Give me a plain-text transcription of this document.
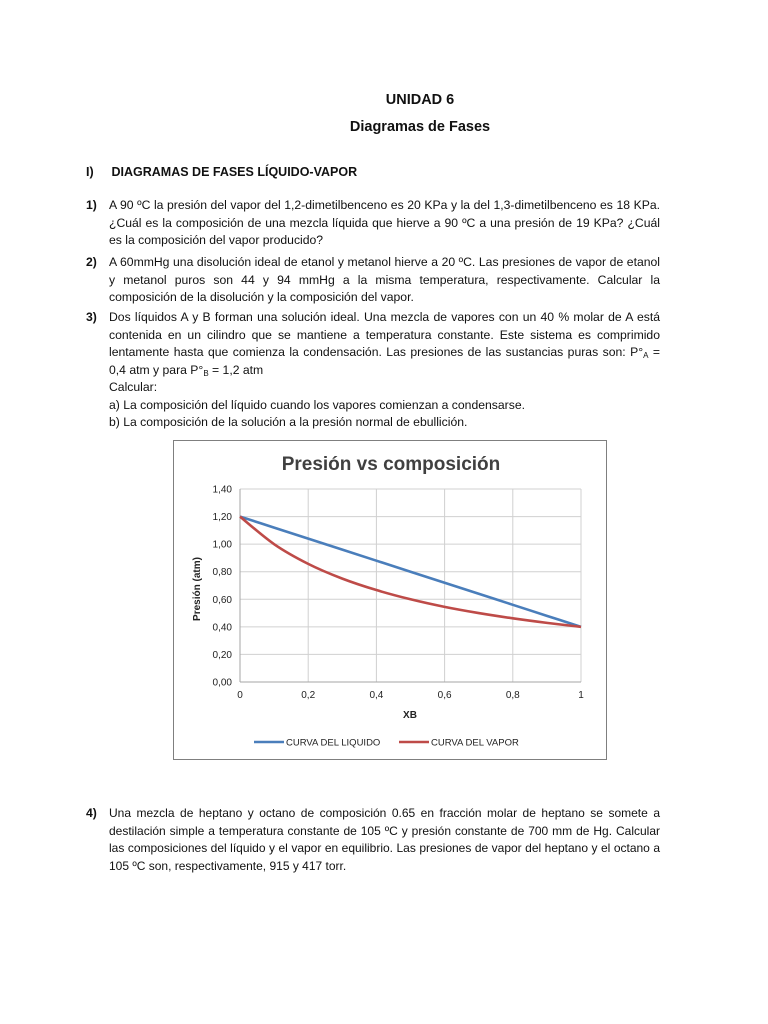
UNIDAD 6
Diagramas de Fases
I) DIAGRAMAS DE FASES LÍQUIDO-VAPOR
1) A 90 ºC la presión del vapor del 1,2-dimetilbenceno es 20 KPa y la del 1,3-dimetilbenceno es 18 KPa. ¿Cuál es la composición de una mezcla líquida que hierve a 90 ºC a una presión de 19 KPa? ¿Cuál es la composición del vapor producido?

2) A 60mmHg una disolución ideal de etanol y metanol hierve a 20 ºC. Las presiones de vapor de etanol y metanol puros son 44 y 94 mmHg a la misma temperatura, respectivamente. Calcular la composición de la disolución y la composición del vapor.

3) Dos líquidos A y B forman una solución ideal. Una mezcla de vapores con un 40 % molar de A está contenida en un cilindro que se mantiene a temperatura constante. Este sistema es comprimido lentamente hasta que comienza la condensación. Las presiones de las sustancias puras son: $P^\circ_A = 0,4$ atm y para $P^\circ_B = 1,2$ atm

Calcular:

a) La composición del líquido cuando los vapores comienzan a condensarse.

b) La composición de la solución a la presión normal de ebullición.

Presión vs composición
0,00
0,20
0,40
0,60
0,80
1,00
1,20
1,40
0	0,2	0,4	0,6	0,8	1
XB
Presión (atm)
CURVA DEL LIQUIDO	CURVA DEL VAPOR
4) Una mezcla de heptano y octano de composición 0.65 en fracción molar de heptano se somete a destilación simple a temperatura constante de 105 ºC y presión constante de 700 mm de Hg. Calcular las composiciones del líquido y el vapor en equilibrio. Las presiones de vapor del heptano y el octano a 105 ºC son, respectivamente, 915 y 417 torr.
